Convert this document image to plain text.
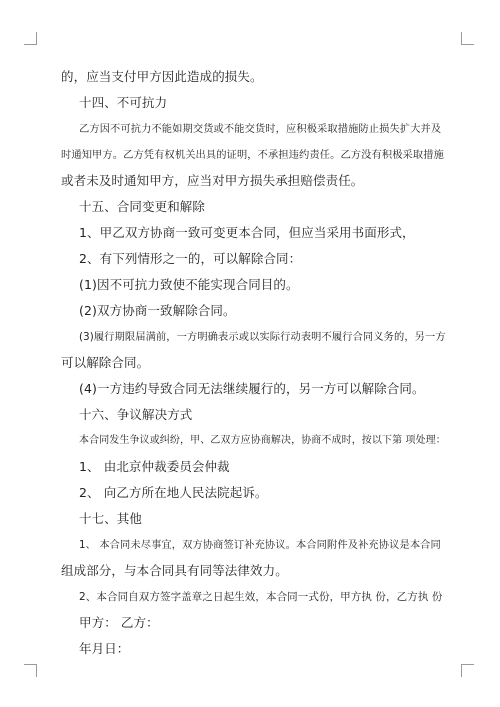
的，应当支付甲方因此造成的损失。

十四、不可抗力

乙方因不可抗力不能如期交货或不能交货时，应积极采取措施防止损失扩大并及

时通知甲方。乙方凭有权机关出具的证明，不承担违约责任。乙方没有积极采取措施

或者未及时通知甲方，应当对甲方损失承担赔偿责任。

十五、合同变更和解除

1、甲乙双方协商一致可变更本合同，但应当采用书面形式，

2、有下列情形之一的，可以解除合同：

(1)因不可抗力致使不能实现合同目的。

(2)双方协商一致解除合同。

(3)履行期限届满前，一方明确表示或以实际行动表明不履行合同义务的，另一方

可以解除合同。

(4)一方违约导致合同无法继续履行的，另一方可以解除合同。

十六、争议解决方式

本合同发生争议或纠纷，甲、乙双方应协商解决，协商不成时，按以下第 项处理：

1、 由北京仲裁委员会仲裁

2、 向乙方所在地人民法院起诉。

十七、其他

1、 本合同未尽事宜，双方协商签订补充协议。本合同附件及补充协议是本合同

组成部分，与本合同具有同等法律效力。

2、本合同自双方签字盖章之日起生效，本合同一式份，甲方执 份，乙方执 份

甲方： 乙方：

年月日：
